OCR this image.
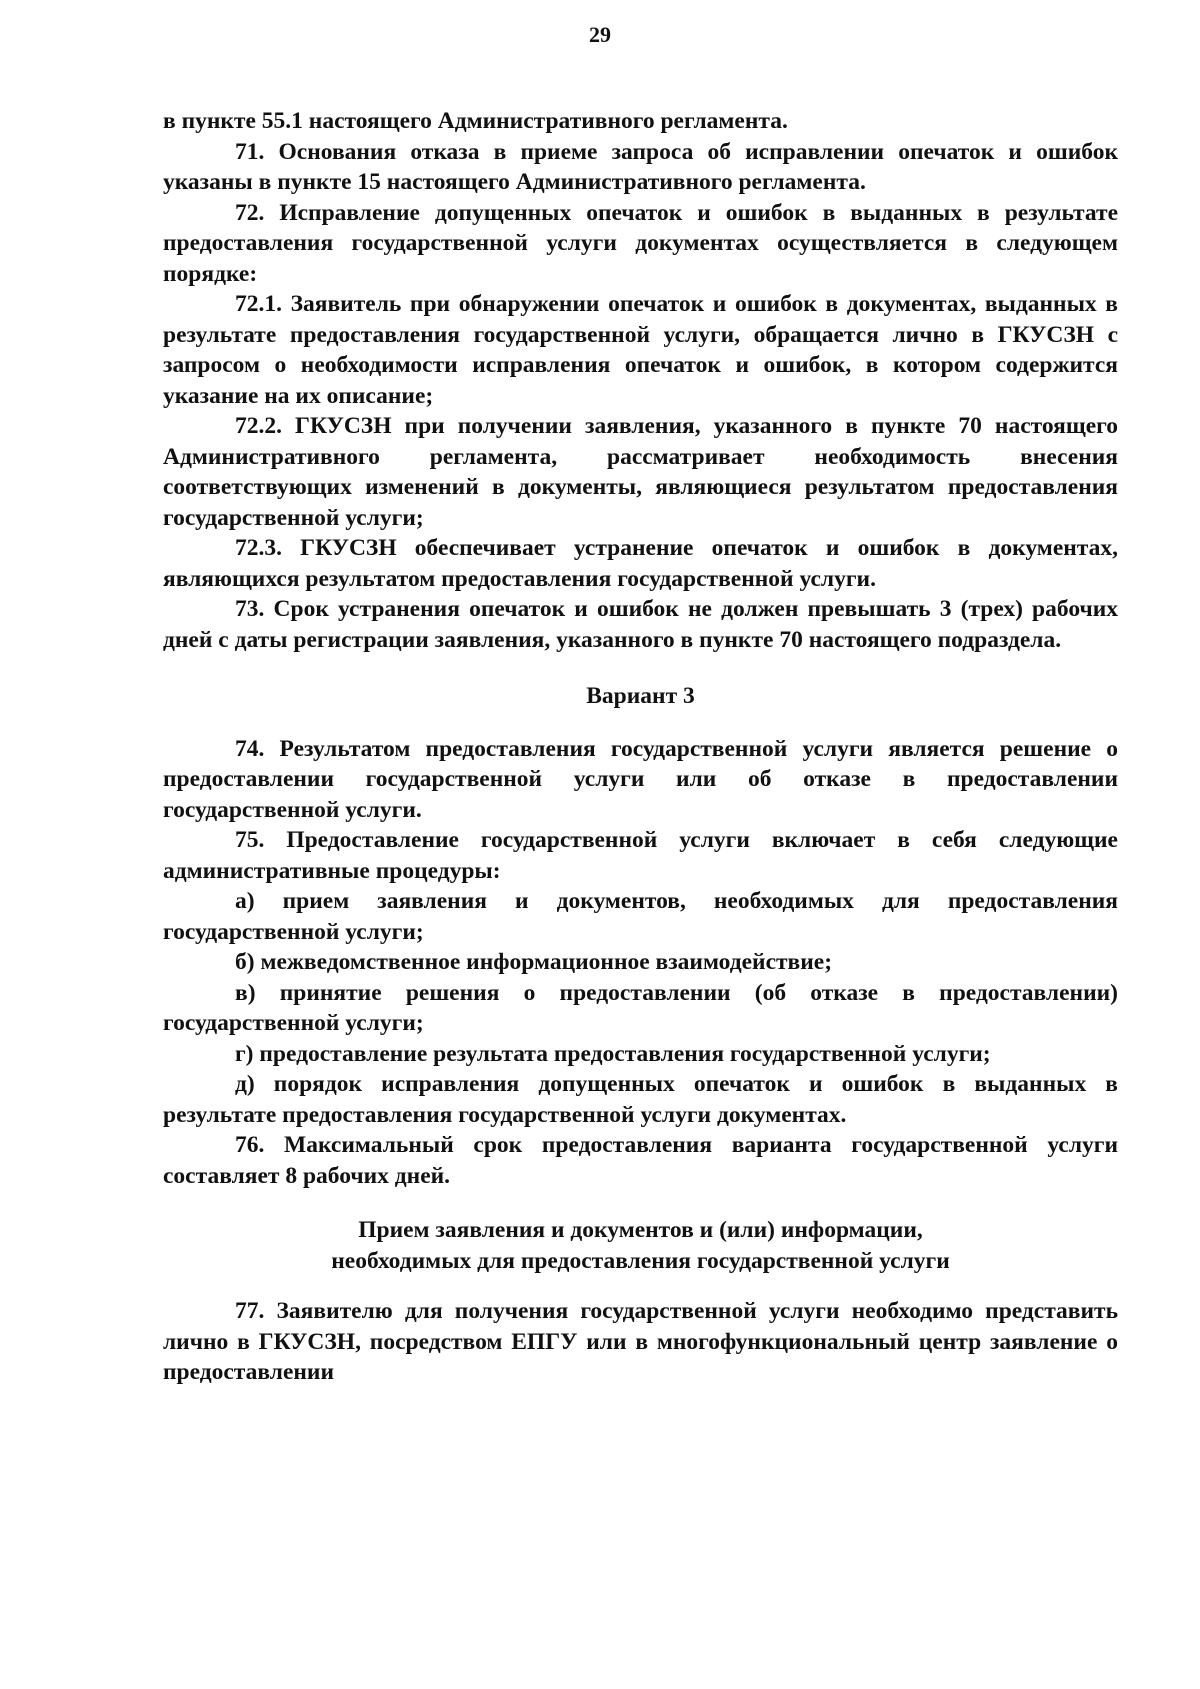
29

в пункте 55.1 настоящего Административного регламента.

71. Основания отказа в приеме запроса об исправлении опечаток и ошибок указаны в пункте 15 настоящего Административного регламента.

72. Исправление допущенных опечаток и ошибок в выданных в результате предоставления государственной услуги документах осуществляется в следующем порядке:

72.1. Заявитель при обнаружении опечаток и ошибок в документах, выданных в результате предоставления государственной услуги, обращается лично в ГКУСЗН с запросом о необходимости исправления опечаток и ошибок, в котором содержится указание на их описание;

72.2. ГКУСЗН при получении заявления, указанного в пункте 70 настоящего Административного регламента, рассматривает необходимость внесения соответствующих изменений в документы, являющиеся результатом предоставления государственной услуги;

72.3. ГКУСЗН обеспечивает устранение опечаток и ошибок в документах, являющихся результатом предоставления государственной услуги.

73. Срок устранения опечаток и ошибок не должен превышать 3 (трех) рабочих дней с даты регистрации заявления, указанного в пункте 70 настоящего подраздела.

Вариант 3

74. Результатом предоставления государственной услуги является решение о предоставлении государственной услуги или об отказе в предоставлении государственной услуги.

75. Предоставление государственной услуги включает в себя следующие административные процедуры:

а) прием заявления и документов, необходимых для предоставления государственной услуги;

б) межведомственное информационное взаимодействие;

в) принятие решения о предоставлении (об отказе в предоставлении) государственной услуги;

г) предоставление результата предоставления государственной услуги;

д) порядок исправления допущенных опечаток и ошибок в выданных в результате предоставления государственной услуги документах.

76. Максимальный срок предоставления варианта государственной услуги составляет 8 рабочих дней.

Прием заявления и документов и (или) информации,

необходимых для предоставления государственной услуги

77. Заявителю для получения государственной услуги необходимо представить лично в ГКУСЗН, посредством ЕПГУ или в многофункциональный центр заявление о предоставлении
